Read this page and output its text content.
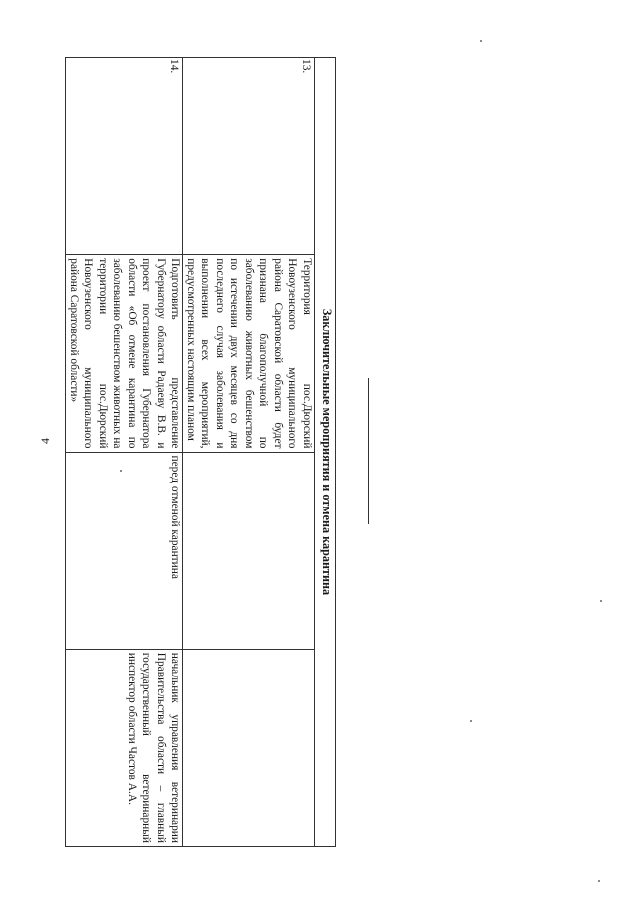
4	Заключительные мероприятия и отмена карантина			
13.	Территория пос.Дюрский Новоузенского муниципального района Саратовской области будет признана благополучной по заболеванию животных бешенством по истечении двух месяцев со дня последнего случая заболевания и выполнении всех мероприятий, предусмотренных настоящим планом		
14.	Подготовить представление Губернатору области Радаеву В.В. и проект постановления Губернатора области «Об отмене карантина по заболеванию бешенством животных на территории пос.Дюрский Новоузенского муниципального района Саратовской области»	перед отменой карантина	начальник управления ветеринарии Правительства области – главный государственный ветеринарный инспектор области Частов А.А.
